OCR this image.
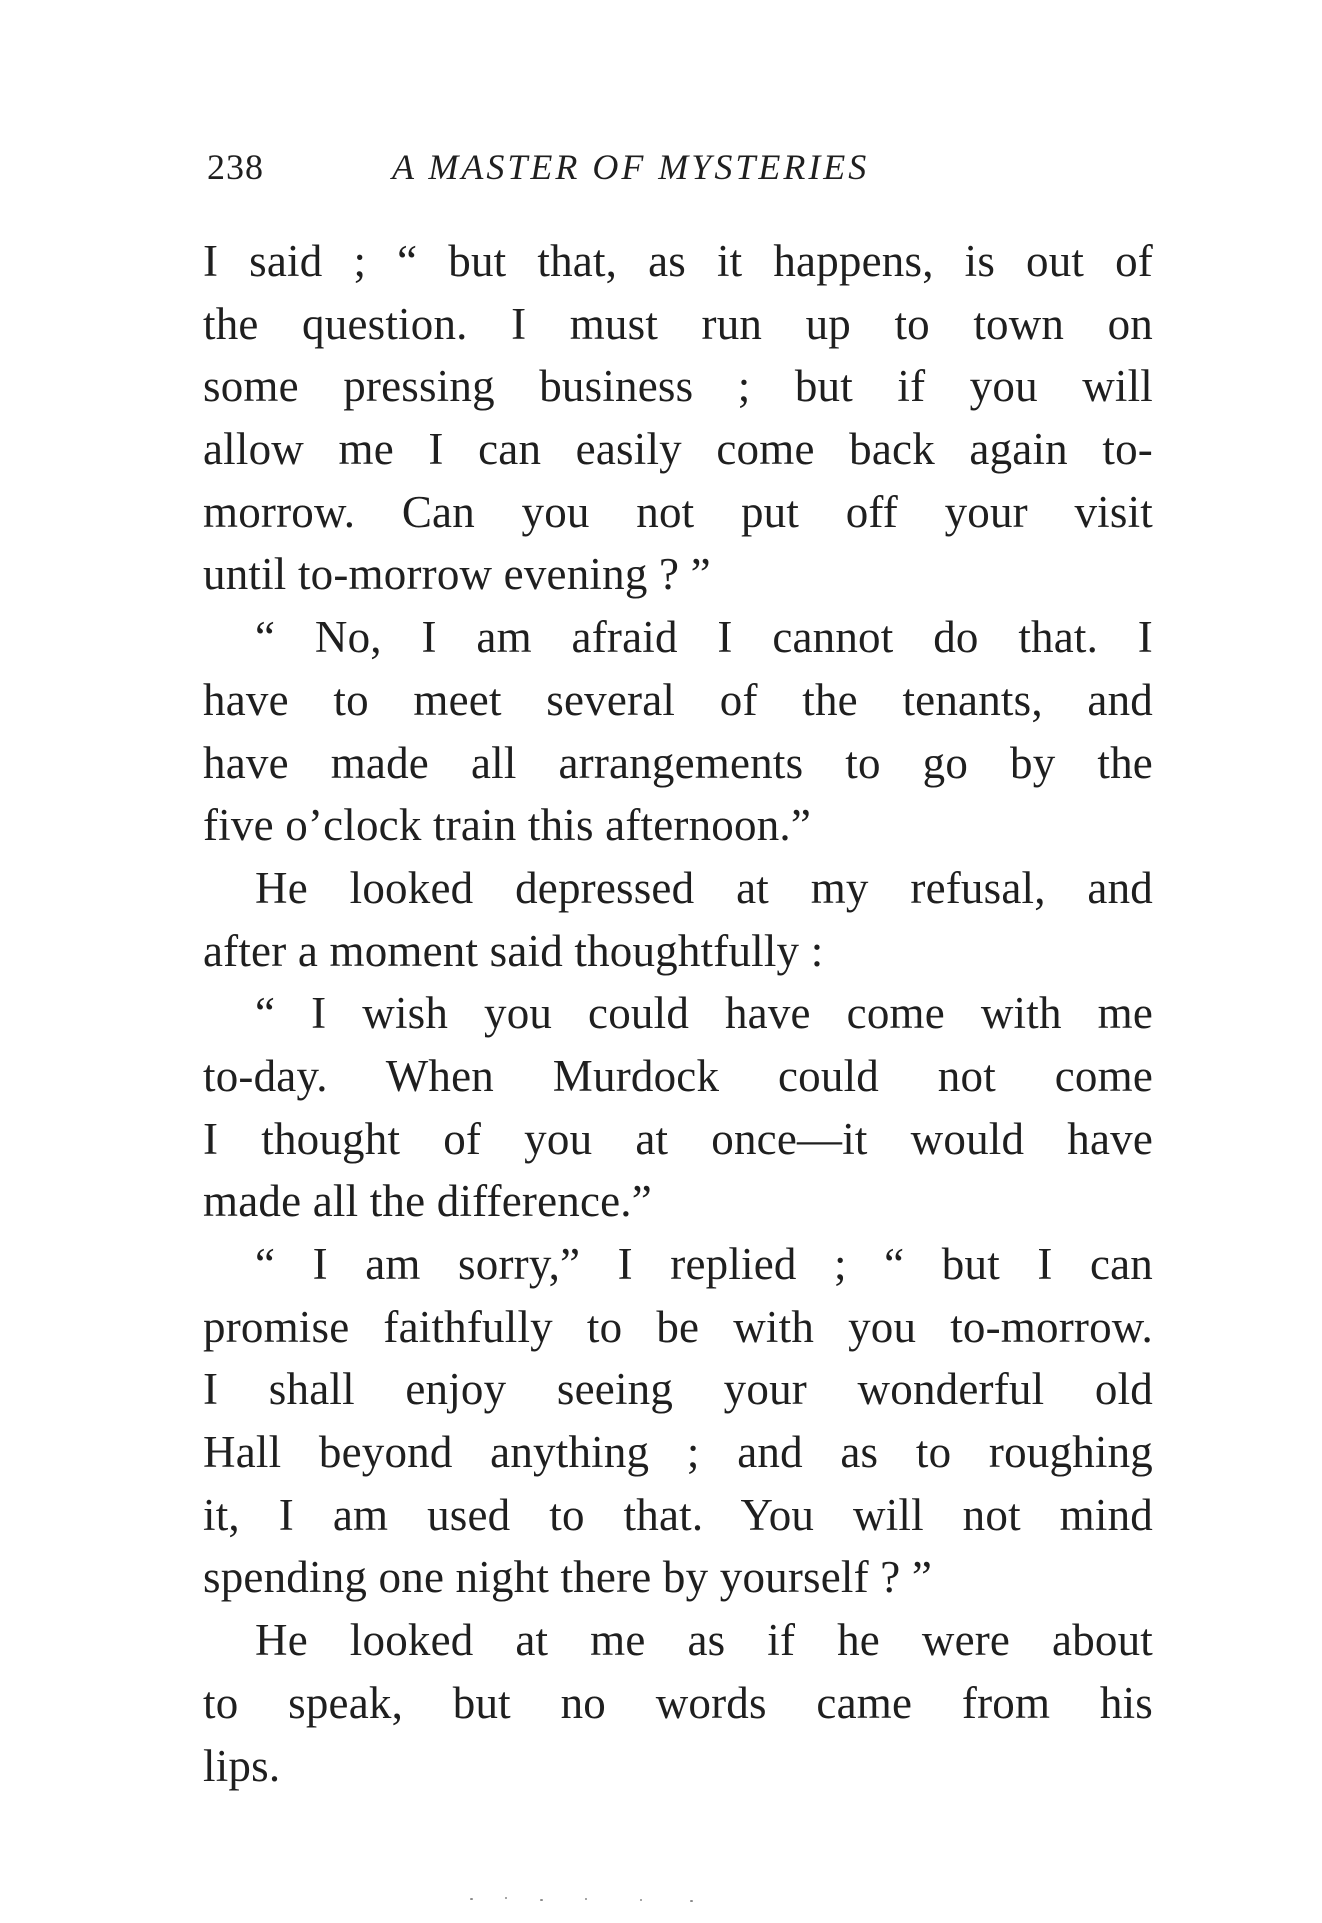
238	A MASTER OF MYSTERIES
I said ; “ but that, as it happens, is out of
the question. I must run up to town on
some pressing business ; but if you will
allow me I can easily come back again to-
morrow. Can you not put off your visit
until to-morrow evening ? ”
“ No, I am afraid I cannot do that. I
have to meet several of the tenants, and
have made all arrangements to go by the
five o’clock train this afternoon.”
He looked depressed at my refusal, and
after a moment said thoughtfully :
“ I wish you could have come with me
to-day. When Murdock could not come
I thought of you at once—it would have
made all the difference.”
“ I am sorry,” I replied ; “ but I can
promise faithfully to be with you to-morrow.
I shall enjoy seeing your wonderful old
Hall beyond anything ; and as to roughing
it, I am used to that. You will not mind
spending one night there by yourself ? ”
He looked at me as if he were about
to speak, but no words came from his
lips.
